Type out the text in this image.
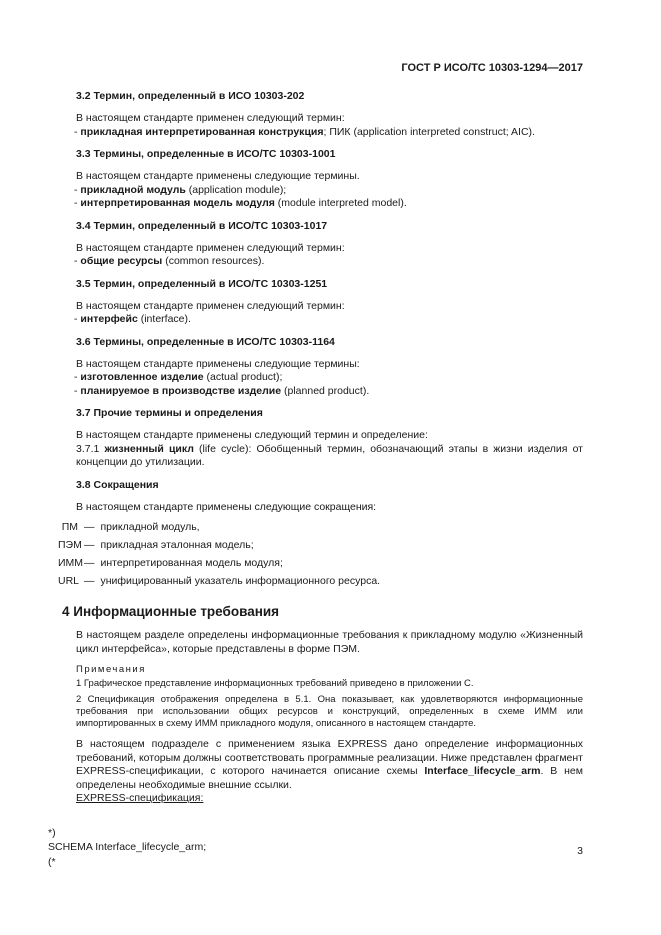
ГОСТ Р ИСО/ТС 10303-1294—2017
3.2 Термин, определенный в ИСО 10303-202

В настоящем стандарте применен следующий термин:

- прикладная интерпретированная конструкция; ПИК (application interpreted construct; AIC).

3.3 Термины, определенные в ИСО/ТС 10303-1001

В настоящем стандарте применены следующие термины.

- прикладной модуль (application module);

- интерпретированная модель модуля (module interpreted model).

3.4 Термин, определенный в ИСО/ТС 10303-1017

В настоящем стандарте применен следующий термин:

- общие ресурсы (common resources).

3.5 Термин, определенный в ИСО/ТС 10303-1251

В настоящем стандарте применен следующий термин:

- интерфейс (interface).

3.6 Термины, определенные в ИСО/ТС 10303-1164

В настоящем стандарте применены следующие термины:

- изготовленное изделие (actual product);

- планируемое в производстве изделие (planned product).

3.7 Прочие термины и определения

В настоящем стандарте применены следующий термин и определение:

3.7.1 жизненный цикл (life cycle): Обобщенный термин, обозначающий этапы в жизни изделия от концепции до утилизации.

3.8 Сокращения

В настоящем стандарте применены следующие сокращения:

ПМ — прикладной модуль,
ПЭМ — прикладная эталонная модель;
ИММ — интерпретированная модель модуля;
URL — унифицированный указатель информационного ресурса.
4 Информационные требования

В настоящем разделе определены информационные требования к прикладному модулю «Жизненный цикл интерфейса», которые представлены в форме ПЭМ.

Примечания

1 Графическое представление информационных требований приведено в приложении С.

2 Спецификация отображения определена в 5.1. Она показывает, как удовлетворяются информационные требования при использовании общих ресурсов и конструкций, определенных в схеме ИММ или импортированных в схему ИММ прикладного модуля, описанного в настоящем стандарте.

В настоящем подразделе с применением языка EXPRESS дано определение информационных требований, которым должны соответствовать программные реализации. Ниже представлен фрагмент EXPRESS-спецификации, с которого начинается описание схемы Interface_lifecycle_arm. В нем определены необходимые внешние ссылки.

EXPRESS-спецификация:

*)
SCHEMA Interface_lifecycle_arm;
(*
3
